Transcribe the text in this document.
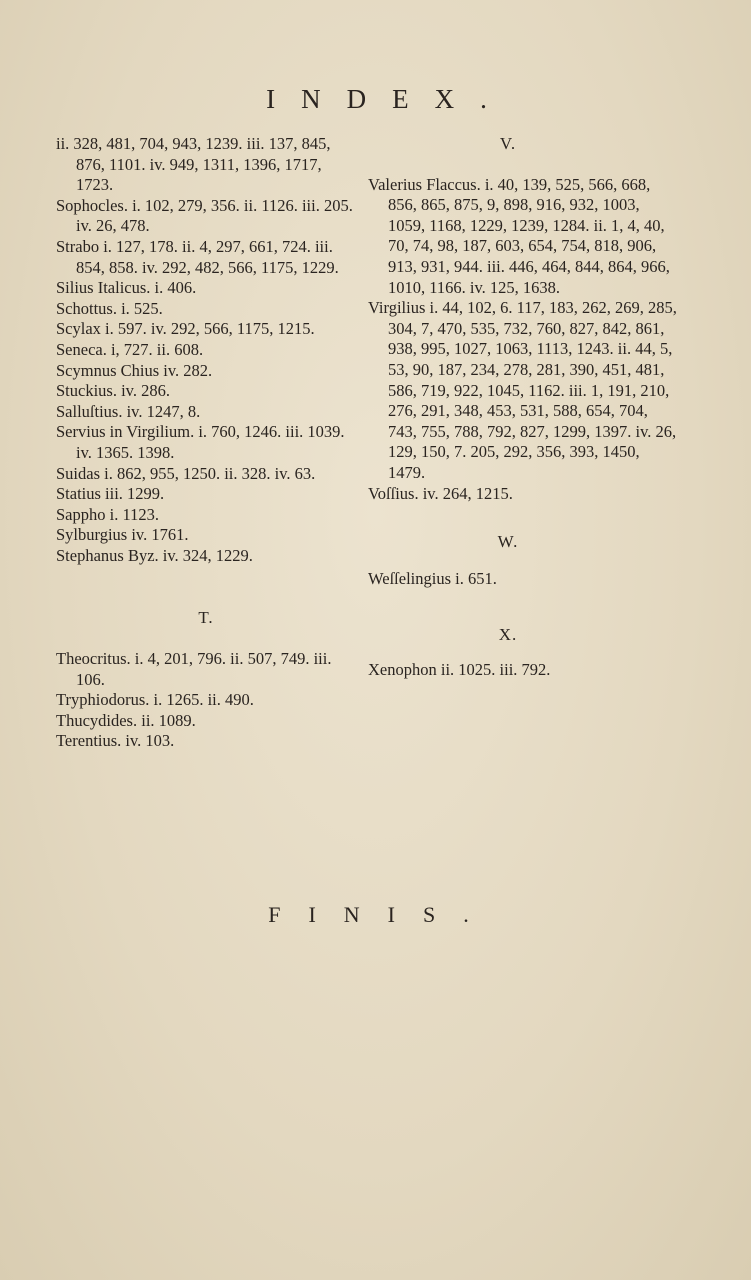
INDEX.

ii. 328, 481, 704, 943, 1239. iii. 137, 845, 876, 1101. iv. 949, 1311, 1396, 1717, 1723.

Sophocles. i. 102, 279, 356. ii. 1126. iii. 205. iv. 26, 478.

Strabo i. 127, 178. ii. 4, 297, 661, 724. iii. 854, 858. iv. 292, 482, 566, 1175, 1229.

Silius Italicus. i. 406.

Schottus. i. 525.

Scylax i. 597. iv. 292, 566, 1175, 1215.

Seneca. i, 727. ii. 608.

Scymnus Chius iv. 282.

Stuckius. iv. 286.

Salluſtius. iv. 1247, 8.

Servius in Virgilium. i. 760, 1246. iii. 1039. iv. 1365. 1398.

Suidas i. 862, 955, 1250. ii. 328. iv. 63.

Statius iii. 1299.

Sappho i. 1123.

Sylburgius iv. 1761.

Stephanus Byz. iv. 324, 1229.

T.

Theocritus. i. 4, 201, 796. ii. 507, 749. iii. 106.

Tryphiodorus. i. 1265. ii. 490.

Thucydides. ii. 1089.

Terentius. iv. 103.

V.

Valerius Flaccus. i. 40, 139, 525, 566, 668, 856, 865, 875, 9, 898, 916, 932, 1003, 1059, 1168, 1229, 1239, 1284. ii. 1, 4, 40, 70, 74, 98, 187, 603, 654, 754, 818, 906, 913, 931, 944. iii. 446, 464, 844, 864, 966, 1010, 1166. iv. 125, 1638.

Virgilius i. 44, 102, 6. 117, 183, 262, 269, 285, 304, 7, 470, 535, 732, 760, 827, 842, 861, 938, 995, 1027, 1063, 1113, 1243. ii. 44, 5, 53, 90, 187, 234, 278, 281, 390, 451, 481, 586, 719, 922, 1045, 1162. iii. 1, 191, 210, 276, 291, 348, 453, 531, 588, 654, 704, 743, 755, 788, 792, 827, 1299, 1397. iv. 26, 129, 150, 7. 205, 292, 356, 393, 1450, 1479.

Voſſius. iv. 264, 1215.

W.

Weſſelingius i. 651.

X.

Xenophon ii. 1025. iii. 792.

FINIS.
